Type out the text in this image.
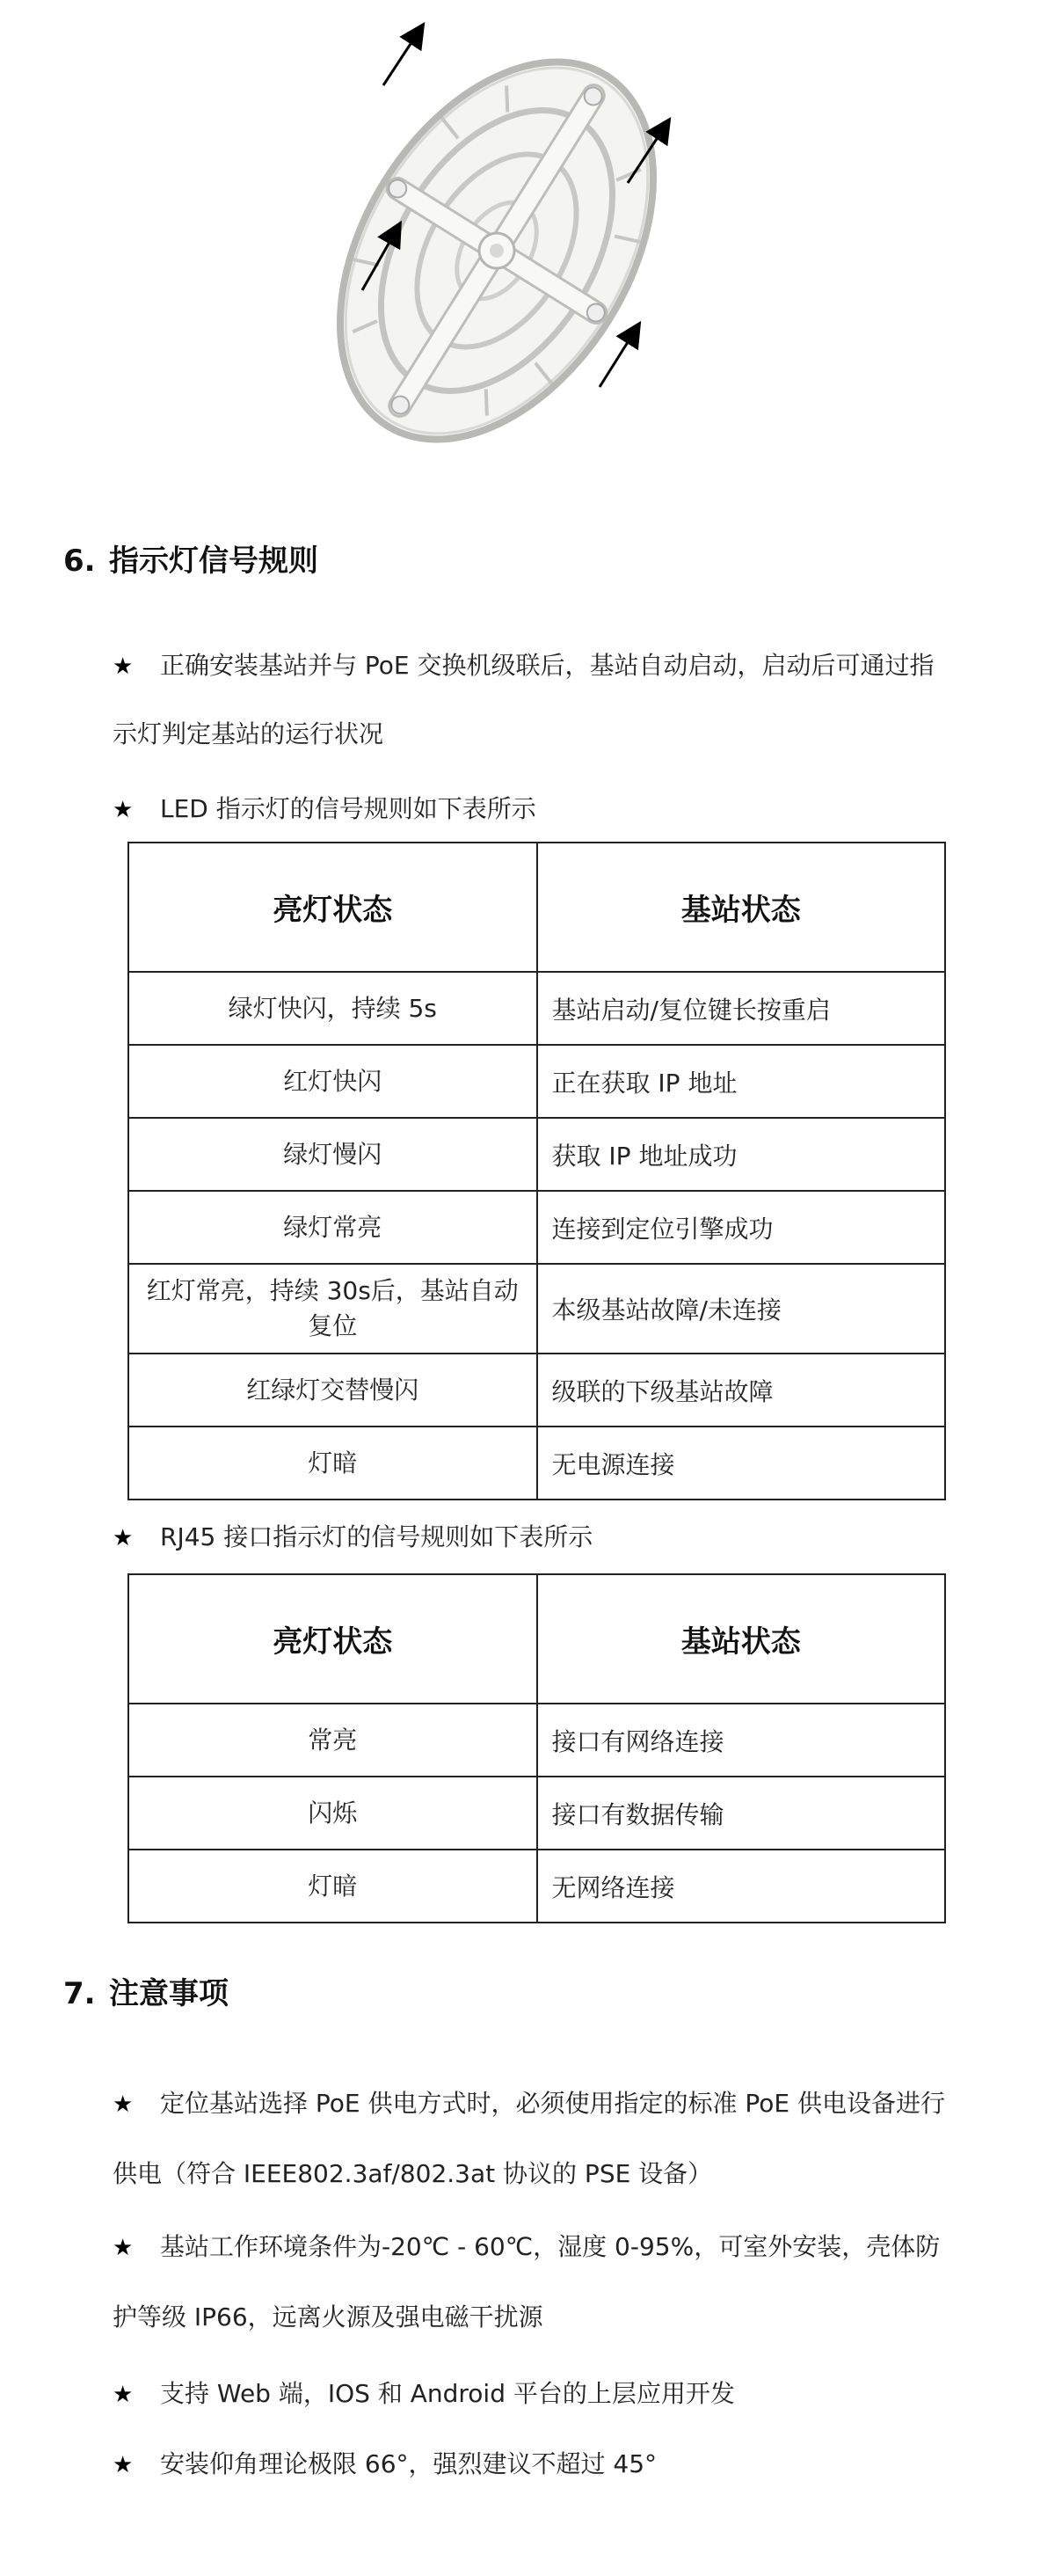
6. 指示灯信号规则
★ 正确安装基站并与 PoE 交换机级联后，基站自动启动，启动后可通过指
示灯判定基站的运行状况
★ LED 指示灯的信号规则如下表所示
亮灯状态	基站状态
绿灯快闪，持续 5s	基站启动/复位键长按重启
红灯快闪	正在获取 IP 地址
绿灯慢闪	获取 IP 地址成功
绿灯常亮	连接到定位引擎成功
红灯常亮，持续 30s后，基站自动复位	本级基站故障/未连接
红绿灯交替慢闪	级联的下级基站故障
灯暗	无电源连接
★ RJ45 接口指示灯的信号规则如下表所示
亮灯状态	基站状态
常亮	接口有网络连接
闪烁	接口有数据传输
灯暗	无网络连接
7. 注意事项
★ 定位基站选择 PoE 供电方式时，必须使用指定的标准 PoE 供电设备进行
供电（符合 IEEE802.3af/802.3at 协议的 PSE 设备）
★ 基站工作环境条件为-20℃ - 60℃，湿度 0-95%，可室外安装，壳体防
护等级 IP66，远离火源及强电磁干扰源
★ 支持 Web 端，IOS 和 Android 平台的上层应用开发
★ 安装仰角理论极限 66°，强烈建议不超过 45°
